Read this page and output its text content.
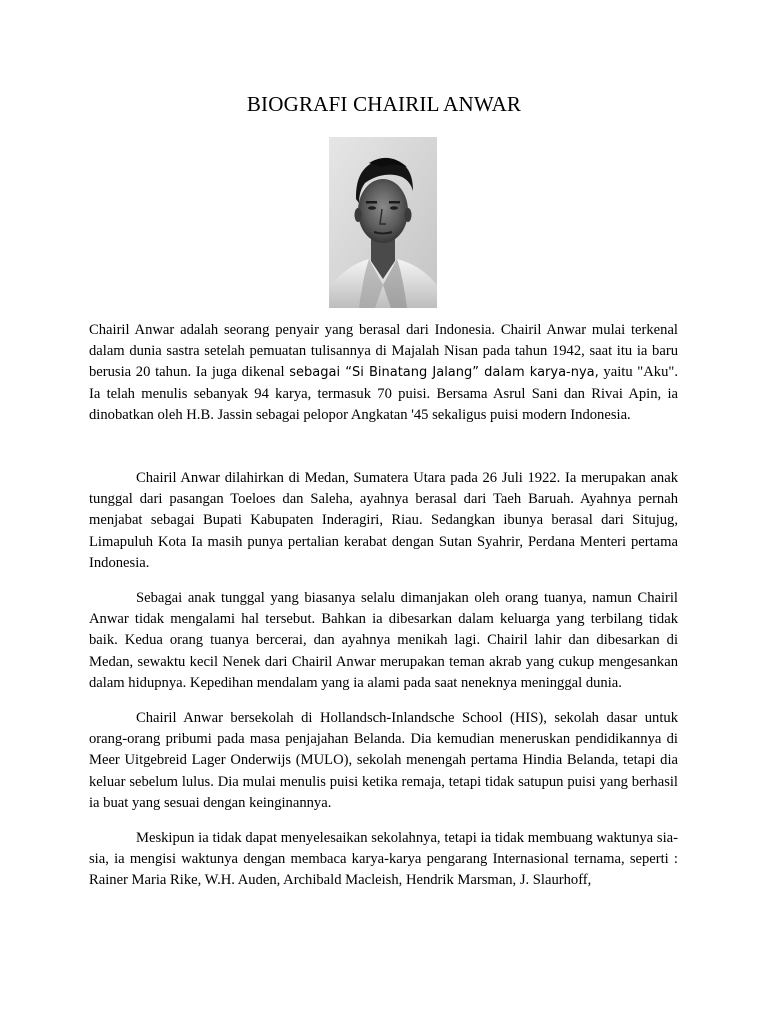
BIOGRAFI CHAIRIL ANWAR

Chairil Anwar adalah seorang penyair yang berasal dari Indonesia. Chairil Anwar mulai terkenal dalam dunia sastra setelah pemuatan tulisannya di Majalah Nisan pada tahun 1942, saat itu ia baru berusia 20 tahun. Ia juga dikenal sebagai “Si Binatang Jalang” dalam karya-nya, yaitu "Aku". Ia telah menulis sebanyak 94 karya, termasuk 70 puisi. Bersama Asrul Sani dan Rivai Apin, ia dinobatkan oleh H.B. Jassin sebagai pelopor Angkatan '45 sekaligus puisi modern Indonesia.

Chairil Anwar dilahirkan di Medan, Sumatera Utara pada 26 Juli 1922. Ia merupakan anak tunggal dari pasangan Toeloes dan Saleha, ayahnya berasal dari Taeh Baruah. Ayahnya pernah menjabat sebagai Bupati Kabupaten Inderagiri, Riau. Sedangkan ibunya berasal dari Situjug, Limapuluh Kota Ia masih punya pertalian kerabat dengan Sutan Syahrir, Perdana Menteri pertama Indonesia.

Sebagai anak tunggal yang biasanya selalu dimanjakan oleh orang tuanya, namun Chairil Anwar tidak mengalami hal tersebut. Bahkan ia dibesarkan dalam keluarga yang terbilang tidak baik. Kedua orang tuanya bercerai, dan ayahnya menikah lagi. Chairil lahir dan dibesarkan di Medan, sewaktu kecil Nenek dari Chairil Anwar merupakan teman akrab yang cukup mengesankan dalam hidupnya. Kepedihan mendalam yang ia alami pada saat neneknya meninggal dunia.

Chairil Anwar bersekolah di Hollandsch-Inlandsche School (HIS), sekolah dasar untuk orang-orang pribumi pada masa penjajahan Belanda. Dia kemudian meneruskan pendidikannya di Meer Uitgebreid Lager Onderwijs (MULO), sekolah menengah pertama Hindia Belanda, tetapi dia keluar sebelum lulus. Dia mulai menulis puisi ketika remaja, tetapi tidak satupun puisi yang berhasil ia buat yang sesuai dengan keinginannya.

Meskipun ia tidak dapat menyelesaikan sekolahnya, tetapi ia tidak membuang waktunya sia-sia, ia mengisi waktunya dengan membaca karya-karya pengarang Internasional ternama, seperti : Rainer Maria Rike, W.H. Auden, Archibald Macleish, Hendrik Marsman, J. Slaurhoff,
